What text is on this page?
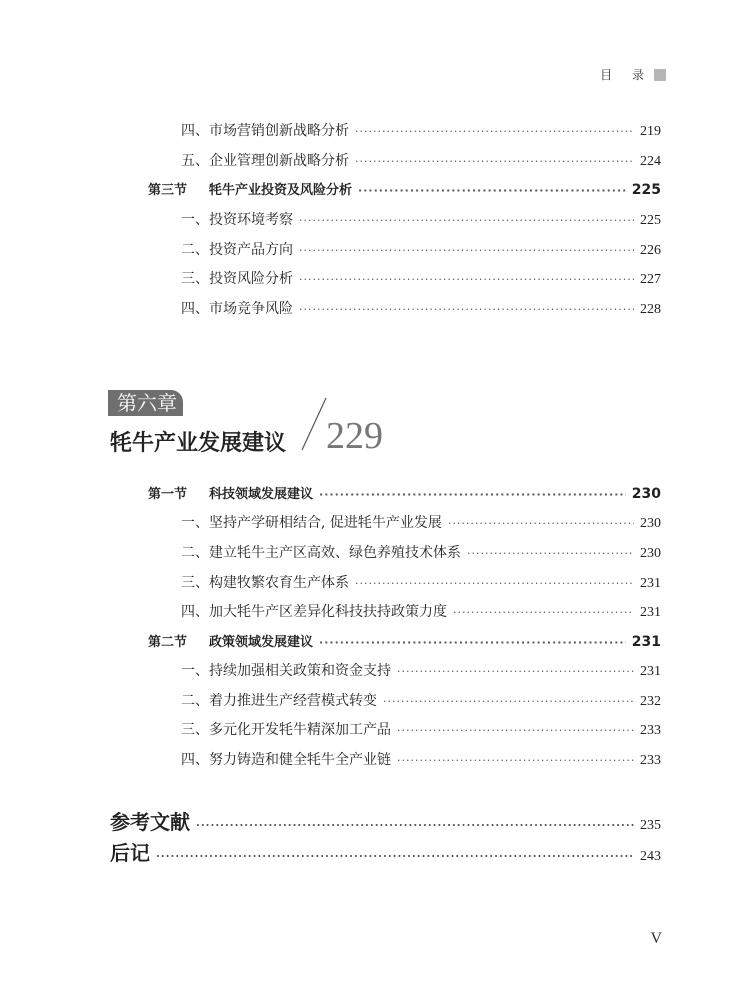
目 录
四、市场营销创新战略分析 ·····	219
五、企业管理创新战略分析 ·····	224
第三节 牦牛产业投资及风险分析 ·····	225
一、投资环境考察 ·····	225
二、投资产品方向 ·····	226
三、投资风险分析 ·····	227
四、市场竞争风险 ·····	228
第六章
牦牛产业发展建议 229
第一节 科技领域发展建议 ·····	230
一、坚持产学研相结合, 促进牦牛产业发展 ·····	230
二、建立牦牛主产区高效、绿色养殖技术体系 ·····	230
三、构建牧繁农育生产体系 ·····	231
四、加大牦牛产区差异化科技扶持政策力度 ·····	231
第二节 政策领域发展建议 ·····	231
一、持续加强相关政策和资金支持 ·····	231
二、着力推进生产经营模式转变 ·····	232
三、多元化开发牦牛精深加工产品 ·····	233
四、努力铸造和健全牦牛全产业链 ·····	233
参考文献 ·····	235
后记 ·····	243
V
